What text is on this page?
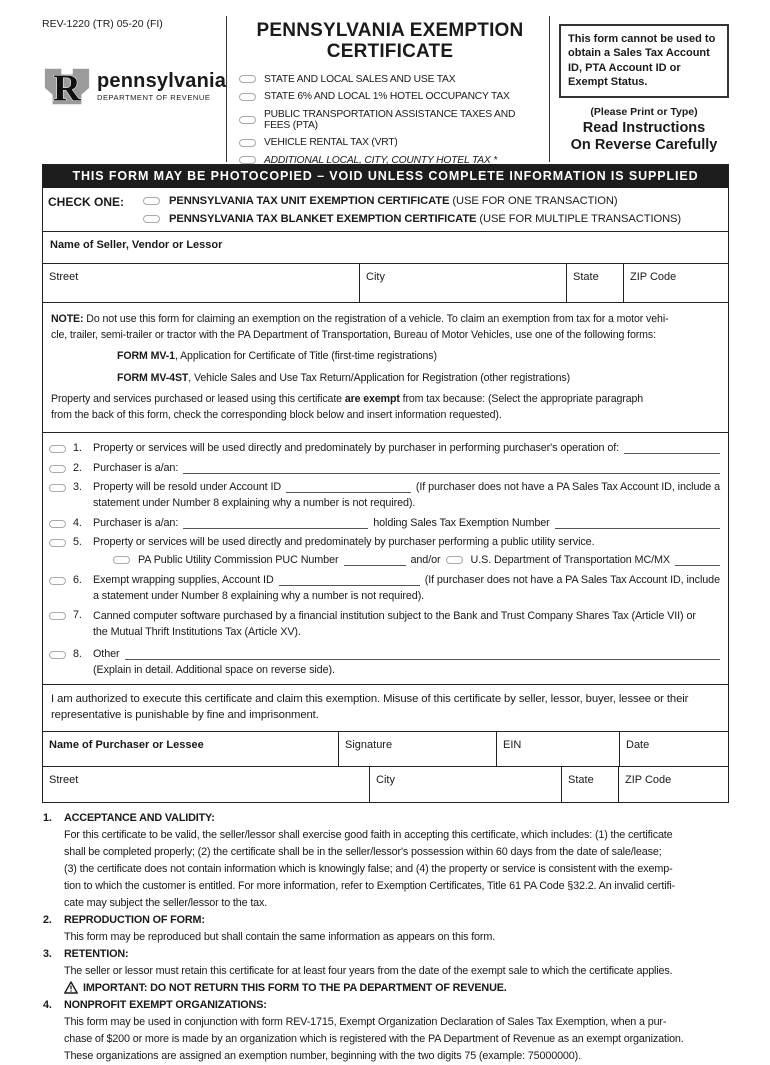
REV-1220 (TR) 05-20 (FI)
R pennsylvania
DEPARTMENT OF REVENUE
PENNSYLVANIA EXEMPTION
CERTIFICATE
STATE AND LOCAL SALES AND USE TAX
STATE 6% AND LOCAL 1% HOTEL OCCUPANCY TAX
PUBLIC TRANSPORTATION ASSISTANCE TAXES AND FEES (PTA)
VEHICLE RENTAL TAX (VRT)
ADDITIONAL LOCAL, CITY, COUNTY HOTEL TAX *
This form cannot be used to obtain a Sales Tax Account ID, PTA Account ID or Exempt Status.
(Please Print or Type)
Read Instructions
On Reverse Carefully
THIS FORM MAY BE PHOTOCOPIED – VOID UNLESS COMPLETE INFORMATION IS SUPPLIED
CHECK ONE:	PENNSYLVANIA TAX UNIT EXEMPTION CERTIFICATE (USE FOR ONE TRANSACTION)
PENNSYLVANIA TAX BLANKET EXEMPTION CERTIFICATE (USE FOR MULTIPLE TRANSACTIONS)
Name of Seller, Vendor or Lessor
Street	City	State	ZIP Code
NOTE: Do not use this form for claiming an exemption on the registration of a vehicle. To claim an exemption from tax for a motor vehi-
cle, trailer, semi-trailer or tractor with the PA Department of Transportation, Bureau of Motor Vehicles, use one of the following forms:
FORM MV-1, Application for Certificate of Title (first-time registrations)
FORM MV-4ST, Vehicle Sales and Use Tax Return/Application for Registration (other registrations)
Property and services purchased or leased using this certificate are exempt from tax because: (Select the appropriate paragraph
from the back of this form, check the corresponding block below and insert information requested).
1.	Property or services will be used directly and predominately by purchaser in performing purchaser's operation of:
2.	Purchaser is a/an:
3.	Property will be resold under Account ID	(If purchaser does not have a PA Sales Tax Account ID, include a
statement under Number 8 explaining why a number is not required).
4.	Purchaser is a/an:	holding Sales Tax Exemption Number
5.	Property or services will be used directly and predominately by purchaser performing a public utility service.
PA Public Utility Commission PUC Number	and/or	U.S. Department of Transportation MC/MX
6.	Exempt wrapping supplies, Account ID	(If purchaser does not have a PA Sales Tax Account ID, include
a statement under Number 8 explaining why a number is not required).
7.	Canned computer software purchased by a financial institution subject to the Bank and Trust Company Shares Tax (Article VII) or the Mutual Thrift Institutions Tax (Article XV).
8.	Other
(Explain in detail. Additional space on reverse side).
I am authorized to execute this certificate and claim this exemption. Misuse of this certificate by seller, lessor, buyer, lessee or their
representative is punishable by fine and imprisonment.
Name of Purchaser or Lessee	Signature	EIN	Date
Street	City	State	ZIP Code
1.	ACCEPTANCE AND VALIDITY:
For this certificate to be valid, the seller/lessor shall exercise good faith in accepting this certificate, which includes: (1) the certificate
shall be completed properly; (2) the certificate shall be in the seller/lessor's possession within 60 days from the date of sale/lease;
(3) the certificate does not contain information which is knowingly false; and (4) the property or service is consistent with the exemp-
tion to which the customer is entitled. For more information, refer to Exemption Certificates, Title 61 PA Code §32.2. An invalid certifi-
cate may subject the seller/lessor to the tax.
2.	REPRODUCTION OF FORM:
This form may be reproduced but shall contain the same information as appears on this form.
3.	RETENTION:
The seller or lessor must retain this certificate for at least four years from the date of the exempt sale to which the certificate applies.
IMPORTANT: DO NOT RETURN THIS FORM TO THE PA DEPARTMENT OF REVENUE.
4.	NONPROFIT EXEMPT ORGANIZATIONS:
This form may be used in conjunction with form REV-1715, Exempt Organization Declaration of Sales Tax Exemption, when a pur-
chase of $200 or more is made by an organization which is registered with the PA Department of Revenue as an exempt organization.
These organizations are assigned an exemption number, beginning with the two digits 75 (example: 75000000).
